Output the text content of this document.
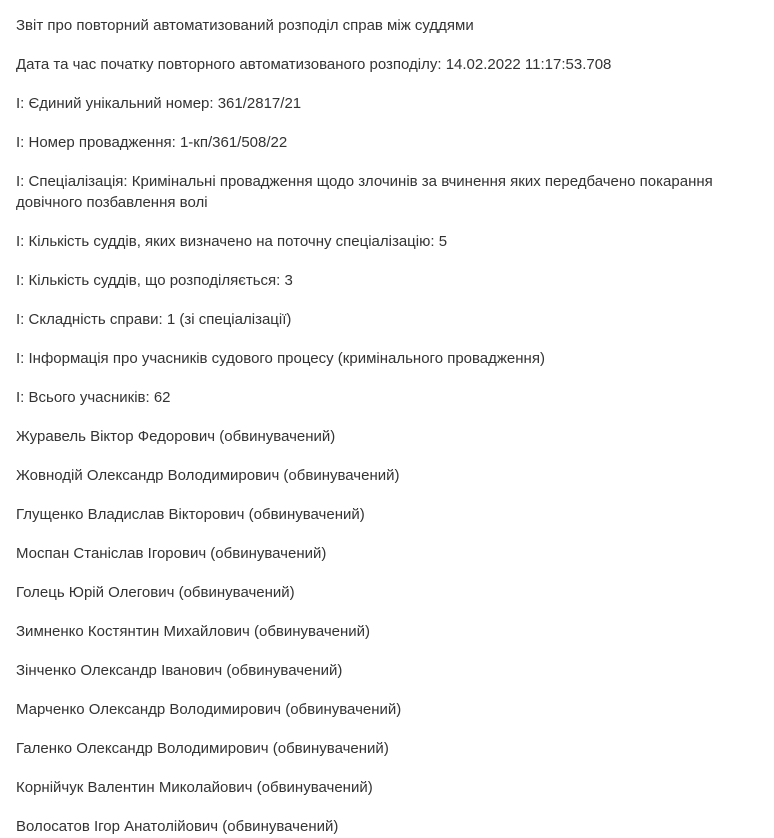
Звіт про повторний автоматизований розподіл справ між суддями

Дата та час початку повторного автоматизованого розподілу: 14.02.2022 11:17:53.708

І: Єдиний унікальний номер: 361/2817/21

І: Номер провадження: 1-кп/361/508/22

І: Спеціалізація: Кримінальні провадження щодо злочинів за вчинення яких передбачено покарання довічного позбавлення волі

І: Кількість суддів, яких визначено на поточну спеціалізацію: 5

І: Кількість суддів, що розподіляється: 3

І: Складність справи: 1 (зі спеціалізації)

І: Інформація про учасників судового процесу (кримінального провадження)

І: Всього учасників: 62

Журавель Віктор Федорович (обвинувачений)

Жовнодій Олександр Володимирович (обвинувачений)

Глущенко Владислав Вікторович (обвинувачений)

Моспан Станіслав Ігорович (обвинувачений)

Голець Юрій Олегович (обвинувачений)

Зимненко Костянтин Михайлович (обвинувачений)

Зінченко Олександр Іванович (обвинувачений)

Марченко Олександр Володимирович (обвинувачений)

Галенко Олександр Володимирович (обвинувачений)

Корнійчук Валентин Миколайович (обвинувачений)

Волосатов Ігор Анатолійович (обвинувачений)
